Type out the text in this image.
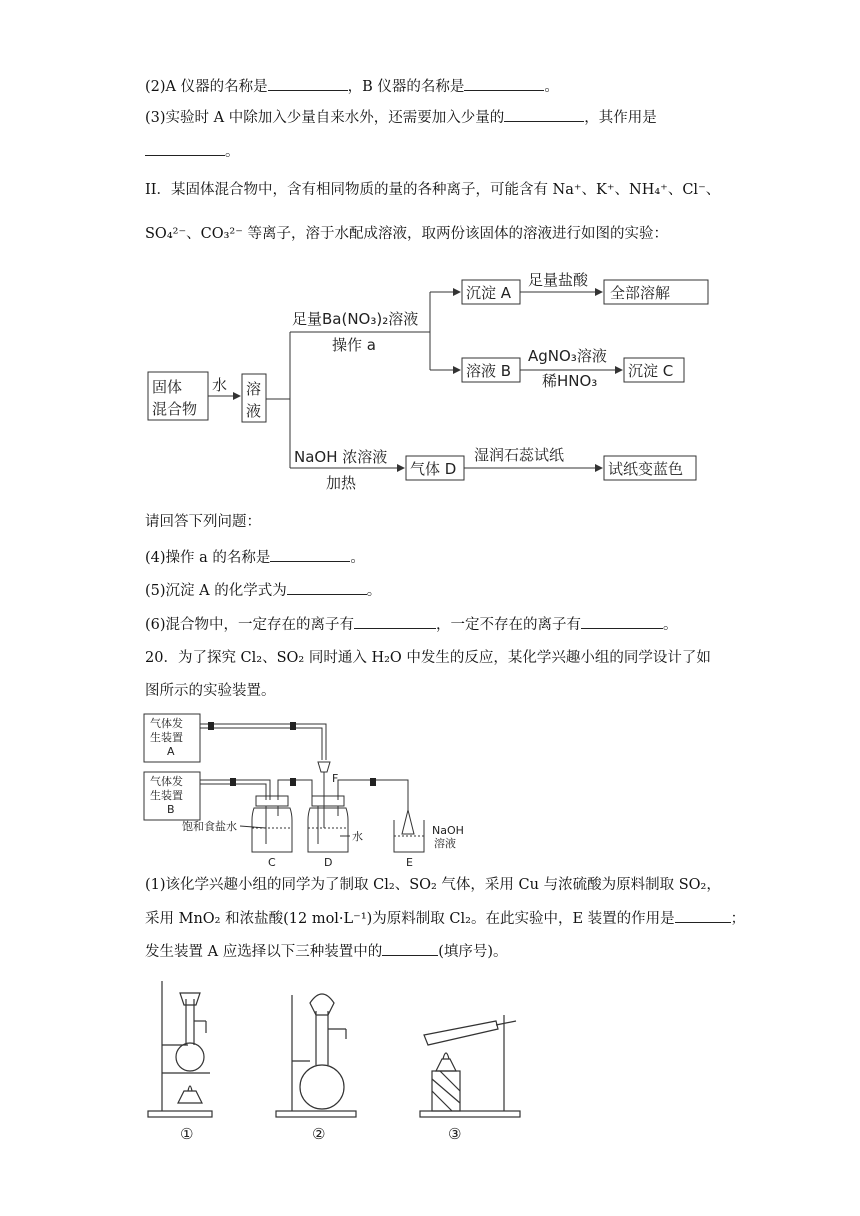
(2)A 仪器的名称是	，B 仪器的名称是	。
(3)实验时 A 中除加入少量自来水外，还需要加入少量的	，其作用是
。
II．某固体混合物中，含有相同物质的量的各种离子，可能含有 Na⁺、K⁺、NH₄⁺、Cl⁻、
SO₄²⁻、CO₃²⁻ 等离子，溶于水配成溶液，取两份该固体的溶液进行如图的实验：
固体
混合物
水 溶
液
足量Ba(NO₃)₂溶液
操作 a
沉淀 A
足量盐酸
全部溶解
溶液 B
AgNO₃溶液
稀HNO₃
沉淀 C
NaOH 浓溶液
加热
气体 D
湿润石蕊试纸
试纸变蓝色
请回答下列问题：
(4)操作 a 的名称是	。
(5)沉淀 A 的化学式为	。
(6)混合物中，一定存在的离子有	，一定不存在的离子有	。
20．为了探究 Cl₂、SO₂ 同时通入 H₂O 中发生的反应，某化学兴趣小组的同学设计了如
图所示的实验装置。
气体发
生装置
A
气体发
生装置
B
F
饱和食盐水
水	NaOH
溶液
C	D	E
(1)该化学兴趣小组的同学为了制取 Cl₂、SO₂ 气体，采用 Cu 与浓硫酸为原料制取 SO₂，
采用 MnO₂ 和浓盐酸(12 mol·L⁻¹)为原料制取 Cl₂。在此实验中，E 装置的作用是	；
发生装置 A 应选择以下三种装置中的	(填序号)。
①	②	③
